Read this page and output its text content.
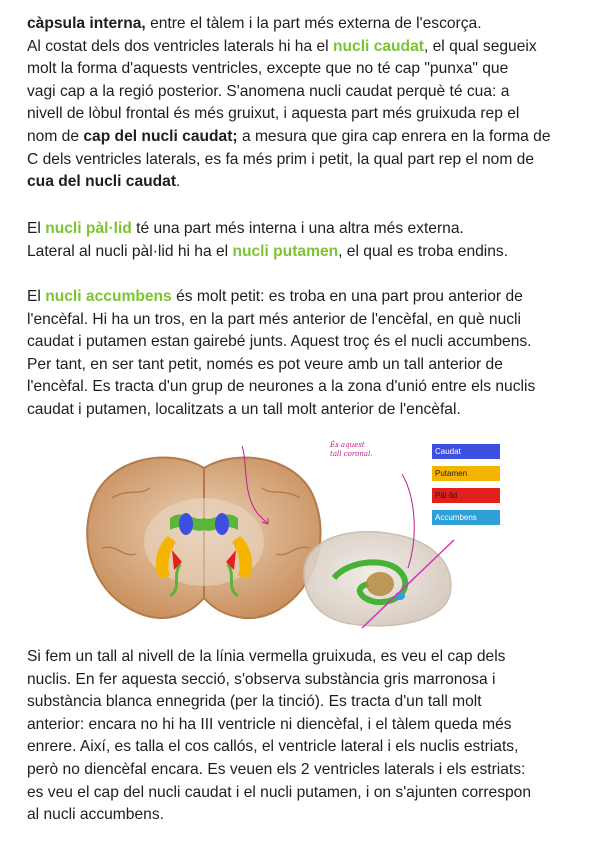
càpsula interna, entre el tàlem i la part més externa de l'escorça.
Al costat dels dos ventricles laterals hi ha el nucli caudat, el qual segueix
molt la forma d'aquests ventricles, excepte que no té cap "punxa" que
vagi cap a la regió posterior. S'anomena nucli caudat perquè té cua: a
nivell de lòbul frontal és més gruixut, i aquesta part més gruixuda rep el
nom de cap del nucli caudat; a mesura que gira cap enrera en la forma de
C dels ventricles laterals, es fa més prim i petit, la qual part rep el nom de
cua del nucli caudat.

El nucli pàl·lid té una part més interna i una altra més externa.
Lateral al nucli pàl·lid hi ha el nucli putamen, el qual es troba endins.

El nucli accumbens és molt petit: es troba en una part prou anterior de
l'encèfal. Hi ha un tros, en la part més anterior de l'encèfal, en què nucli
caudat i putamen estan gairebé junts. Aquest troç és el nucli accumbens.
Per tant, en ser tant petit, només es pot veure amb un tall anterior de
l'encèfal. Es tracta d'un grup de neurones a la zona d'unió entre els nuclis
caudat i putamen, localitzats a un tall molt anterior de l'encèfal.

És aquest
tall coronal.	Caudat
Putamen
Pàl·lid
Accumbens

Si fem un tall al nivell de la línia vermella gruixuda, es veu el cap dels
nuclis. En fer aquesta secció, s'observa substància gris marronosa i
substància blanca ennegrida (per la tinció). Es tracta d'un tall molt
anterior: encara no hi ha III ventricle ni diencèfal, i el tàlem queda més
enrere. Així, es talla el cos callós, el ventricle lateral i els nuclis estriats,
però no diencèfal encara. Es veuen els 2 ventricles laterals i els estriats:
es veu el cap del nucli caudat i el nucli putamen, i on s'ajunten correspon
al nucli accumbens.
